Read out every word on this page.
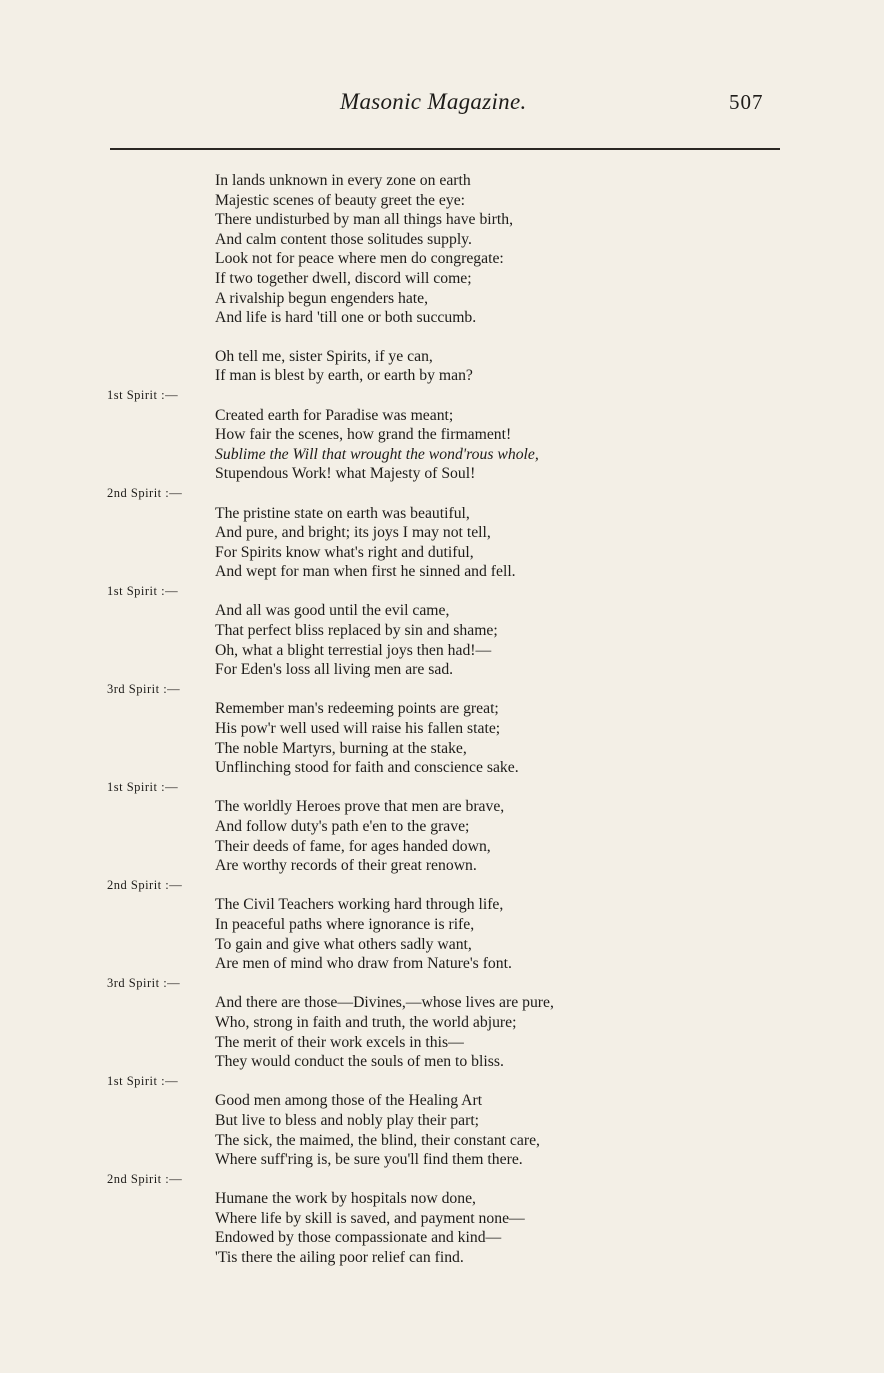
Masonic Magazine.	507
In lands unknown in every zone on earth
Majestic scenes of beauty greet the eye:
There undisturbed by man all things have birth,
And calm content those solitudes supply.
Look not for peace where men do congregate:
If two together dwell, discord will come;
A rivalship begun engenders hate,
And life is hard 'till one or both succumb.
Oh tell me, sister Spirits, if ye can,
If man is blest by earth, or earth by man?
1st Spirit :—
Created earth for Paradise was meant;
How fair the scenes, how grand the firmament!
Sublime the Will that wrought the wond'rous whole,
Stupendous Work! what Majesty of Soul!
2nd Spirit :—
The pristine state on earth was beautiful,
And pure, and bright; its joys I may not tell,
For Spirits know what's right and dutiful,
And wept for man when first he sinned and fell.
1st Spirit :—
And all was good until the evil came,
That perfect bliss replaced by sin and shame;
Oh, what a blight terrestial joys then had!—
For Eden's loss all living men are sad.
3rd Spirit :—
Remember man's redeeming points are great;
His pow'r well used will raise his fallen state;
The noble Martyrs, burning at the stake,
Unflinching stood for faith and conscience sake.
1st Spirit :—
The worldly Heroes prove that men are brave,
And follow duty's path e'en to the grave;
Their deeds of fame, for ages handed down,
Are worthy records of their great renown.
2nd Spirit :—
The Civil Teachers working hard through life,
In peaceful paths where ignorance is rife,
To gain and give what others sadly want,
Are men of mind who draw from Nature's font.
3rd Spirit :—
And there are those—Divines,—whose lives are pure,
Who, strong in faith and truth, the world abjure;
The merit of their work excels in this—
They would conduct the souls of men to bliss.
1st Spirit :—
Good men among those of the Healing Art
But live to bless and nobly play their part;
The sick, the maimed, the blind, their constant care,
Where suff'ring is, be sure you'll find them there.
2nd Spirit :—
Humane the work by hospitals now done,
Where life by skill is saved, and payment none—
Endowed by those compassionate and kind—
'Tis there the ailing poor relief can find.
